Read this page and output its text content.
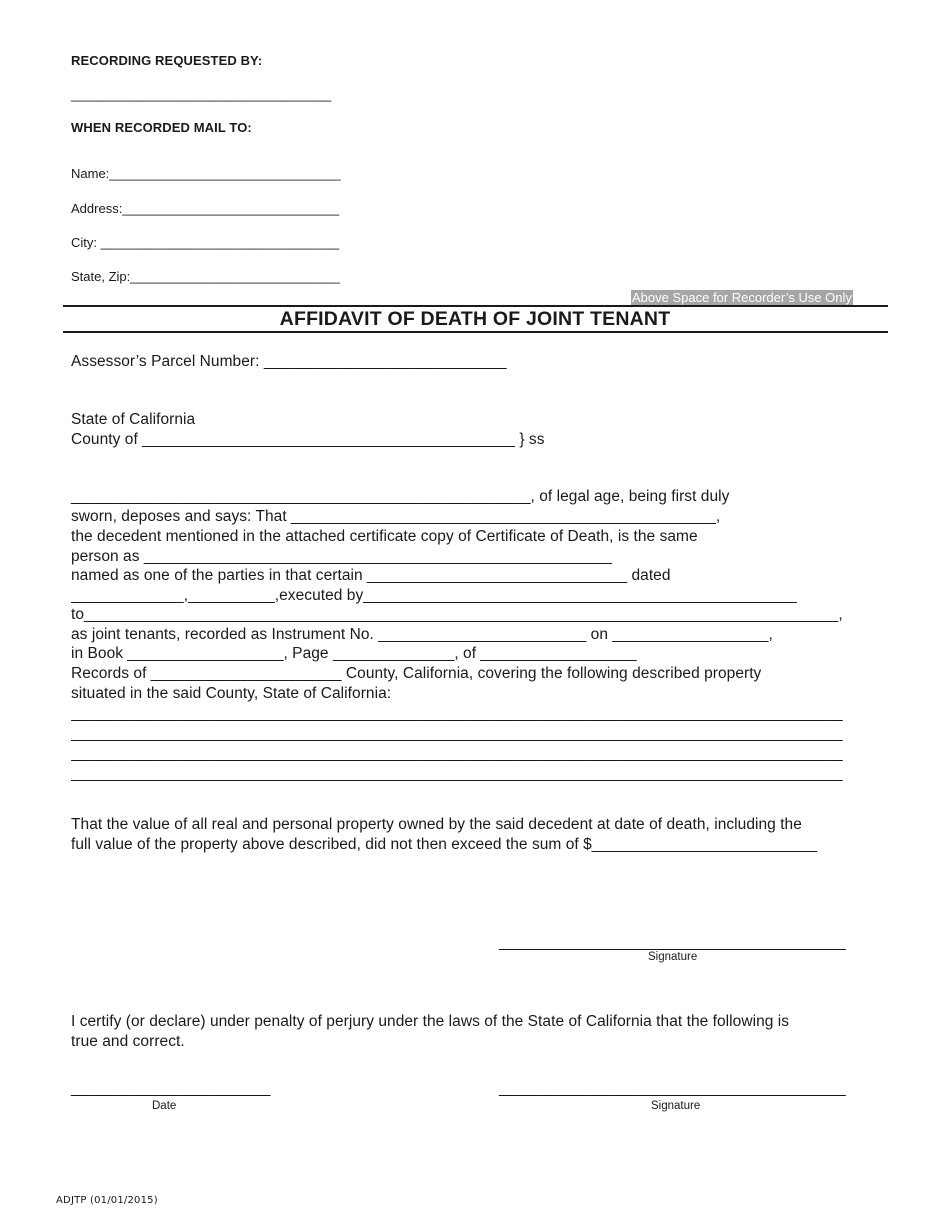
RECORDING REQUESTED BY:
____________________________________
WHEN RECORDED MAIL TO:
Name:________________________________
Address:______________________________
City: _________________________________
State, Zip:_____________________________
Above Space for Recorder’s Use Only
AFFIDAVIT OF DEATH OF JOINT TENANT
Assessor’s Parcel Number: ____________________________
State of California
County of ___________________________________________ } ss
_____________________________________________________, of legal age, being first duly
sworn, deposes and says: That _________________________________________________,
the decedent mentioned in the attached certificate copy of Certificate of Death, is the same
person as ______________________________________________________
named as one of the parties in that certain ______________________________ dated
_____________,__________,executed by__________________________________________________
to_______________________________________________________________________________________,
as joint tenants, recorded as Instrument No. ________________________ on __________________,
in Book __________________, Page ______________, of __________________
Records of ______________________ County, California, covering the following described property
situated in the said County, State of California:
_________________________________________________________________________________________
_________________________________________________________________________________________
_________________________________________________________________________________________
_________________________________________________________________________________________
That the value of all real and personal property owned by the said decedent at date of death, including the
full value of the property above described, did not then exceed the sum of $__________________________
________________________________________
Signature
I certify (or declare) under penalty of perjury under the laws of the State of California that the following is
true and correct.
_______________________
Date
________________________________________
Signature
ADJTP (01/01/2015)
